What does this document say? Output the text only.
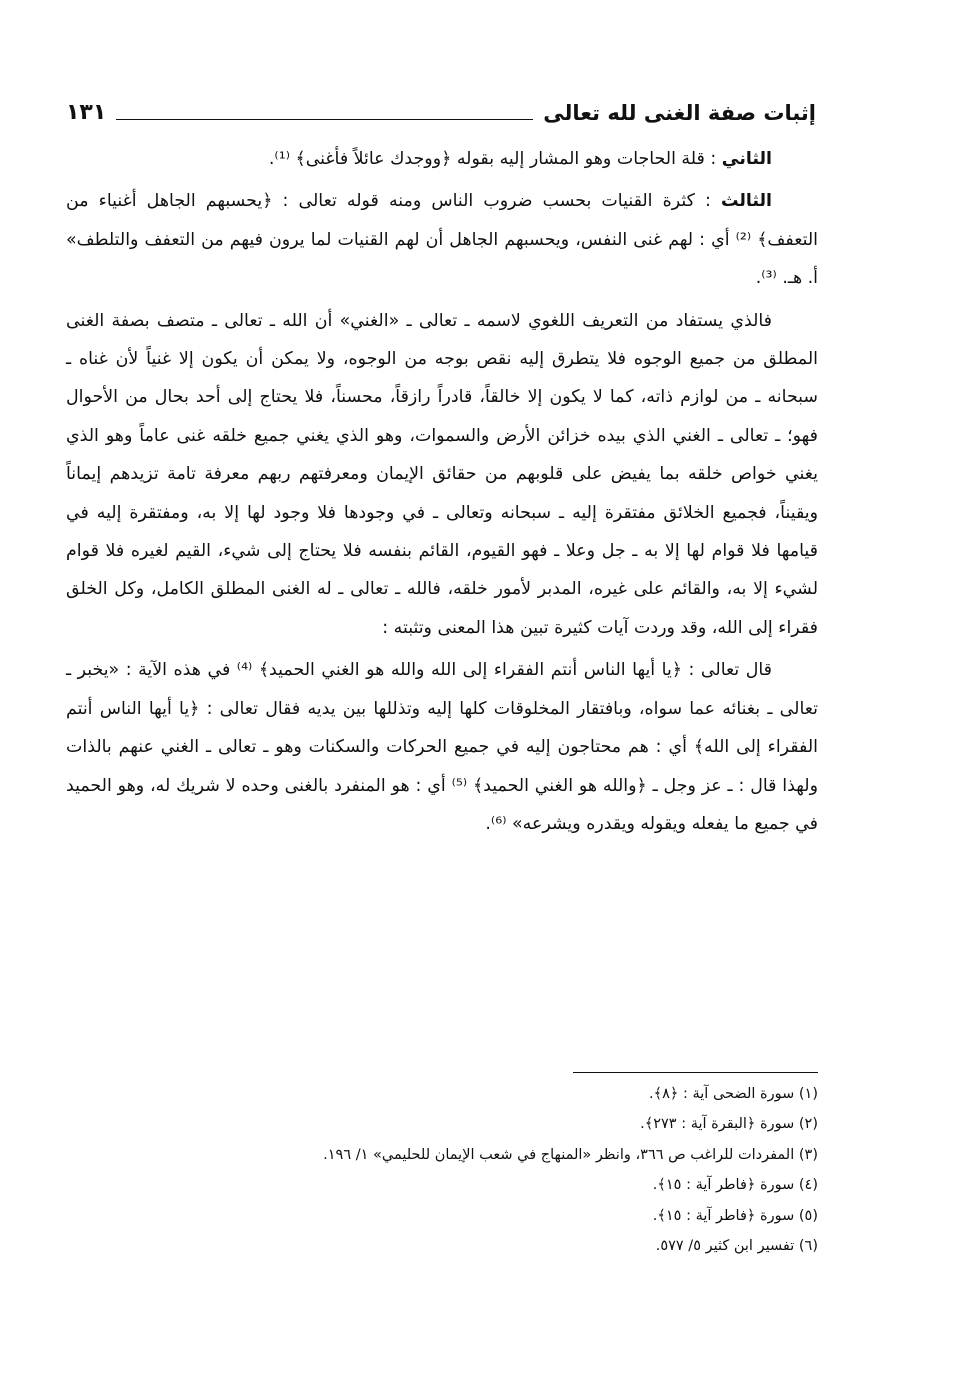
إثبات صفة الغنى لله تعالى
١٣١

الثاني : قلة الحاجات وهو المشار إليه بقوله ﴿ووجدك عائلاً فأغنى﴾ ⁽¹⁾.

الثالث : كثرة القنيات بحسب ضروب الناس ومنه قوله تعالى : ﴿يحسبهم الجاهل أغنياء من التعفف﴾ ⁽²⁾ أي : لهم غنى النفس، ويحسبهم الجاهل أن لهم القنيات لما يرون فيهم من التعفف والتلطف» أ. هـ. ⁽³⁾.

فالذي يستفاد من التعريف اللغوي لاسمه ـ تعالى ـ «الغني» أن الله ـ تعالى ـ متصف بصفة الغنى المطلق من جميع الوجوه فلا يتطرق إليه نقص بوجه من الوجوه، ولا يمكن أن يكون إلا غنياً لأن غناه ـ سبحانه ـ من لوازم ذاته، كما لا يكون إلا خالقاً، قادراً رازقاً، محسناً، فلا يحتاج إلى أحد بحال من الأحوال فهو؛ ـ تعالى ـ الغني الذي بيده خزائن الأرض والسموات، وهو الذي يغني جميع خلقه غنى عاماً وهو الذي يغني خواص خلقه بما يفيض على قلوبهم من حقائق الإيمان ومعرفتهم ربهم معرفة تامة تزيدهم إيماناً ويقيناً، فجميع الخلائق مفتقرة إليه ـ سبحانه وتعالى ـ في وجودها فلا وجود لها إلا به، ومفتقرة إليه في قيامها فلا قوام لها إلا به ـ جل وعلا ـ فهو القيوم، القائم بنفسه فلا يحتاج إلى شيء، القيم لغيره فلا قوام لشيء إلا به، والقائم على غيره، المدبر لأمور خلقه، فالله ـ تعالى ـ له الغنى المطلق الكامل، وكل الخلق فقراء إلى الله، وقد وردت آيات كثيرة تبين هذا المعنى وتثبته :

قال تعالى : ﴿يا أيها الناس أنتم الفقراء إلى الله والله هو الغني الحميد﴾ ⁽⁴⁾ في هذه الآية : «يخبر ـ تعالى ـ بغنائه عما سواه، وبافتقار المخلوقات كلها إليه وتذللها بين يديه فقال تعالى : ﴿يا أيها الناس أنتم الفقراء إلى الله﴾ أي : هم محتاجون إليه في جميع الحركات والسكنات وهو ـ تعالى ـ الغني عنهم بالذات ولهذا قال : ـ عز وجل ـ ﴿والله هو الغني الحميد﴾ ⁽⁵⁾ أي : هو المنفرد بالغنى وحده لا شريك له، وهو الحميد في جميع ما يفعله ويقوله ويقدره ويشرعه» ⁽⁶⁾.

(١) سورة الضحى آية : ﴿٨﴾.

(٢) سورة ﴿البقرة آية : ٢٧٣﴾.

(٣) المفردات للراغب ص ٣٦٦، وانظر «المنهاج في شعب الإيمان للحليمي» ١/ ١٩٦.

(٤) سورة ﴿فاطر آية : ١٥﴾.

(٥) سورة ﴿فاطر آية : ١٥﴾.

(٦) تفسير ابن كثير ٥/ ٥٧٧.
